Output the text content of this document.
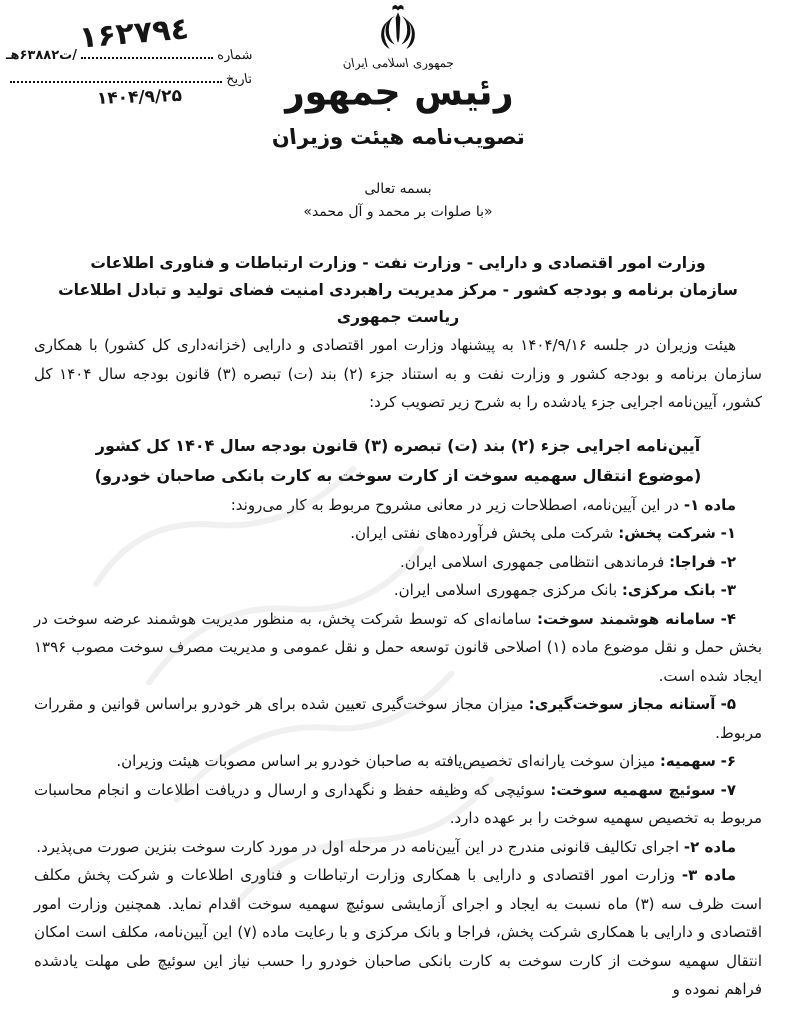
۱۶۲۷۹٤	شماره
/ت۶۳۸۸۲هـ
تاریخ
۱۴۰۴/۹/۲۵
جمهوری اسلامی ایران
رئیس جمهور
تصویب‌نامه هیئت وزیران
بسمه تعالی
«با صلوات بر محمد و آل محمد»
وزارت امور اقتصادی و دارایی - وزارت نفت - وزارت ارتباطات و فناوری اطلاعات
سازمان برنامه و بودجه کشور - مرکز مدیریت راهبردی امنیت فضای تولید و تبادل اطلاعات ریاست جمهوری

هیئت وزیران در جلسه ۱۴۰۴/۹/۱۶ به پیشنهاد وزارت امور اقتصادی و دارایی (خزانه‌داری کل کشور) با همکاری سازمان برنامه و بودجه کشور و وزارت نفت و به استناد جزء (۲) بند (ت) تبصره (۳) قانون بودجه سال ۱۴۰۴ کل کشور، آیین‌نامه اجرایی جزء یادشده را به شرح زیر تصویب کرد:

آیین‌نامه اجرایی جزء (۲) بند (ت) تبصره (۳) قانون بودجه سال ۱۴۰۴ کل کشور
(موضوع انتقال سهمیه سوخت از کارت سوخت به کارت بانکی صاحبان خودرو)

ماده ۱- در این آیین‌نامه، اصطلاحات زیر در معانی مشروح مربوط به کار می‌روند:

۱- شرکت پخش: شرکت ملی پخش فرآورده‌های نفتی ایران.

۲- فراجا: فرماندهی انتظامی جمهوری اسلامی ایران.

۳- بانک مرکزی: بانک مرکزی جمهوری اسلامی ایران.

۴- سامانه هوشمند سوخت: سامانه‌ای که توسط شرکت پخش، به منظور مدیریت هوشمند عرضه سوخت در بخش حمل و نقل موضوع ماده (۱) اصلاحی قانون توسعه حمل و نقل عمومی و مدیریت مصرف سوخت مصوب ۱۳۹۶ ایجاد شده است.

۵- آستانه مجاز سوخت‌گیری: میزان مجاز سوخت‌گیری تعیین شده برای هر خودرو براساس قوانین و مقررات مربوط.

۶- سهمیه: میزان سوخت یارانه‌ای تخصیص‌یافته به صاحبان خودرو بر اساس مصوبات هیئت وزیران.

۷- سوئیچ سهمیه سوخت: سوئیچی که وظیفه حفظ و نگهداری و ارسال و دریافت اطلاعات و انجام محاسبات مربوط به تخصیص سهمیه سوخت را بر عهده دارد.

ماده ۲- اجرای تکالیف قانونی مندرج در این آیین‌نامه در مرحله اول در مورد کارت سوخت بنزین صورت می‌پذیرد.

ماده ۳- وزارت امور اقتصادی و دارایی با همکاری وزارت ارتباطات و فناوری اطلاعات و شرکت پخش مکلف است ظرف سه (۳) ماه نسبت به ایجاد و اجرای آزمایشی سوئیچ سهمیه سوخت اقدام نماید. همچنین وزارت امور اقتصادی و دارایی با همکاری شرکت پخش، فراجا و بانک مرکزی و با رعایت ماده (۷) این آیین‌نامه، مکلف است امکان انتقال سهمیه سوخت از کارت سوخت به کارت بانکی صاحبان خودرو را حسب نیاز این سوئیچ طی مهلت یادشده فراهم نموده و
